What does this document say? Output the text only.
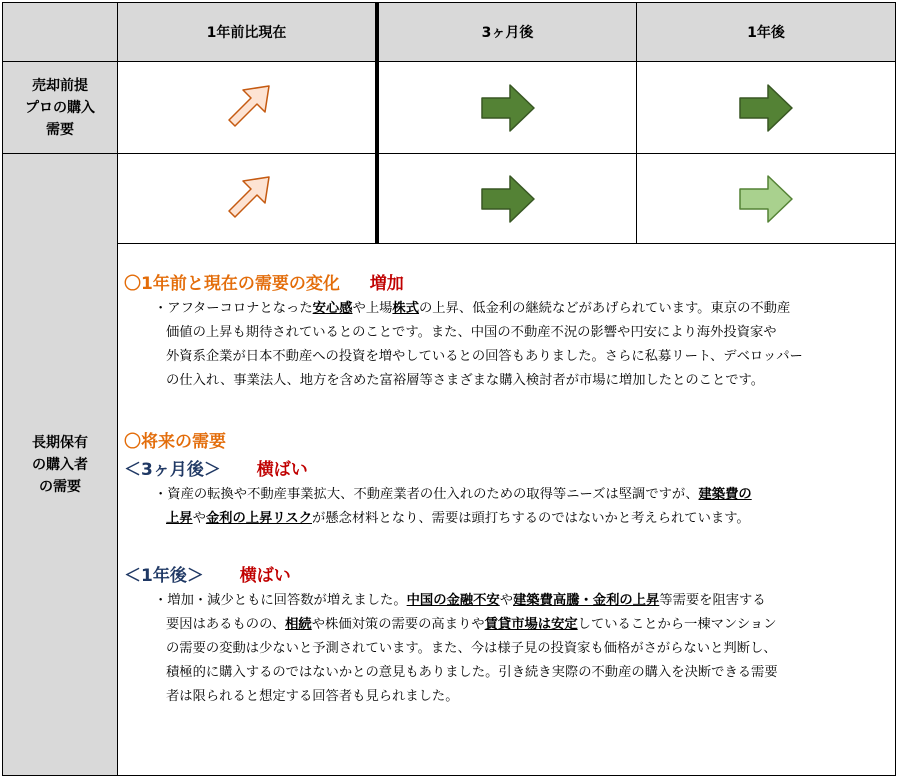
1年前比現在	3ヶ月後	1年後
売却前提
プロの購入
需要
長期保有
の購入者
の需要
〇1年前と現在の需要の変化 増加
・アフターコロナとなった安心感や上場株式の上昇、低金利の継続などがあげられています。東京の不動産
価値の上昇も期待されているとのことです。また、中国の不動産不況の影響や円安により海外投資家や
外資系企業が日本不動産への投資を増やしているとの回答もありました。さらに私募リート、デベロッパー
の仕入れ、事業法人、地方を含めた富裕層等さまざまな購入検討者が市場に増加したとのことです。
〇将来の需要
＜3ヶ月後＞ 横ばい
・資産の転換や不動産事業拡大、不動産業者の仕入れのための取得等ニーズは堅調ですが、建築費の
上昇や金利の上昇リスクが懸念材料となり、需要は頭打ちするのではないかと考えられています。
＜1年後＞ 横ばい
・増加・減少ともに回答数が増えました。中国の金融不安や建築費高騰・金利の上昇等需要を阻害する
要因はあるものの、相続や株価対策の需要の高まりや賃貸市場は安定していることから一棟マンション
の需要の変動は少ないと予測されています。また、今は様子見の投資家も価格がさがらないと判断し、
積極的に購入するのではないかとの意見もありました。引き続き実際の不動産の購入を決断できる需要
者は限られると想定する回答者も見られました。
